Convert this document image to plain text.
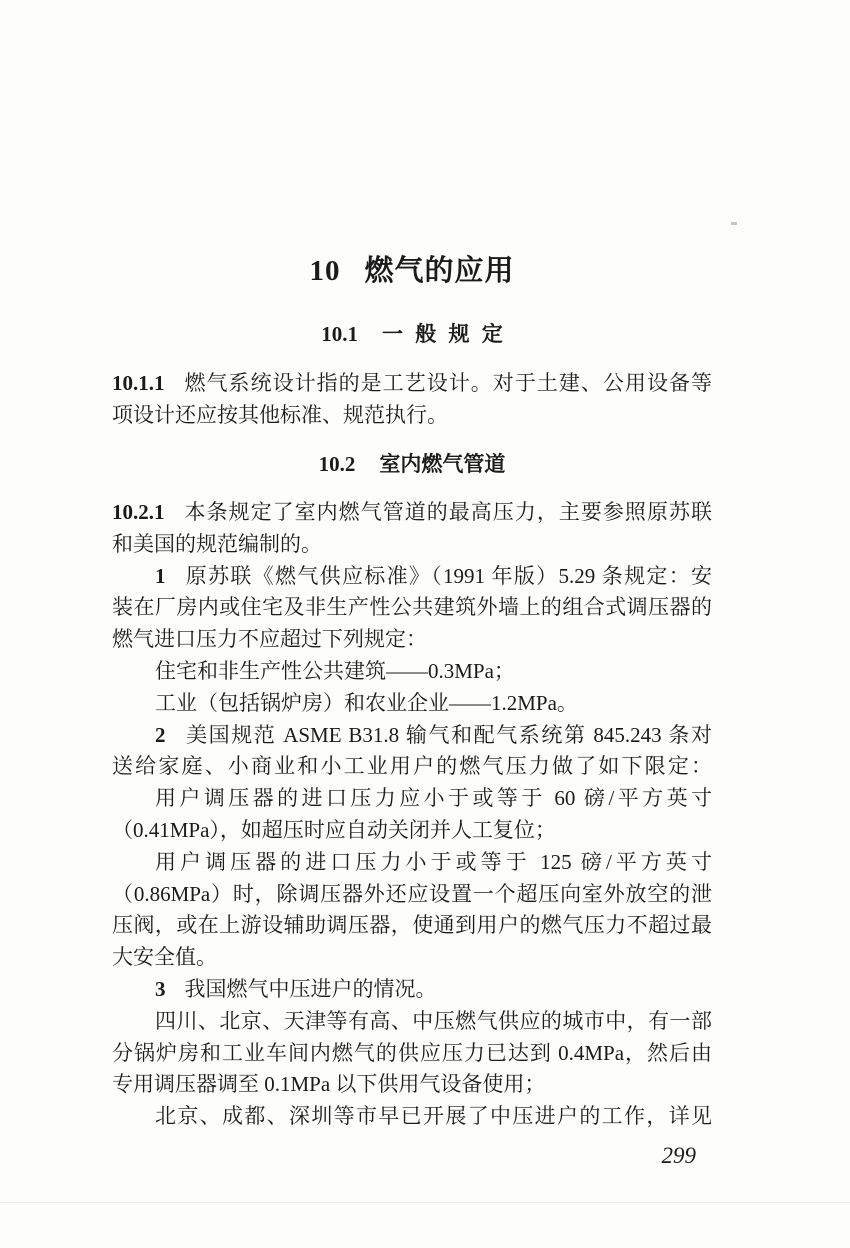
10 燃气的应用
10.1 一 般 规 定
10.1.1 燃气系统设计指的是工艺设计。对于土建、公用设备等
项设计还应按其他标准、规范执行。
10.2 室内燃气管道
10.2.1 本条规定了室内燃气管道的最高压力，主要参照原苏联
和美国的规范编制的。
1 原苏联《燃气供应标准》（1991 年版）5.29 条规定：安
装在厂房内或住宅及非生产性公共建筑外墙上的组合式调压器的
燃气进口压力不应超过下列规定：
住宅和非生产性公共建筑——0.3MPa；
工业（包括锅炉房）和农业企业——1.2MPa。
2 美国规范 ASME B31.8 输气和配气系统第 845.243 条对
送给家庭、小商业和小工业用户的燃气压力做了如下限定：
用户调压器的进口压力应小于或等于 60 磅/平方英寸
（0.41MPa），如超压时应自动关闭并人工复位；
用户调压器的进口压力小于或等于 125 磅/平方英寸
（0.86MPa）时，除调压器外还应设置一个超压向室外放空的泄
压阀，或在上游设辅助调压器，使通到用户的燃气压力不超过最
大安全值。
3 我国燃气中压进户的情况。
四川、北京、天津等有高、中压燃气供应的城市中，有一部
分锅炉房和工业车间内燃气的供应压力已达到 0.4MPa，然后由
专用调压器调至 0.1MPa 以下供用气设备使用；
北京、成都、深圳等市早已开展了中压进户的工作，详见
299
